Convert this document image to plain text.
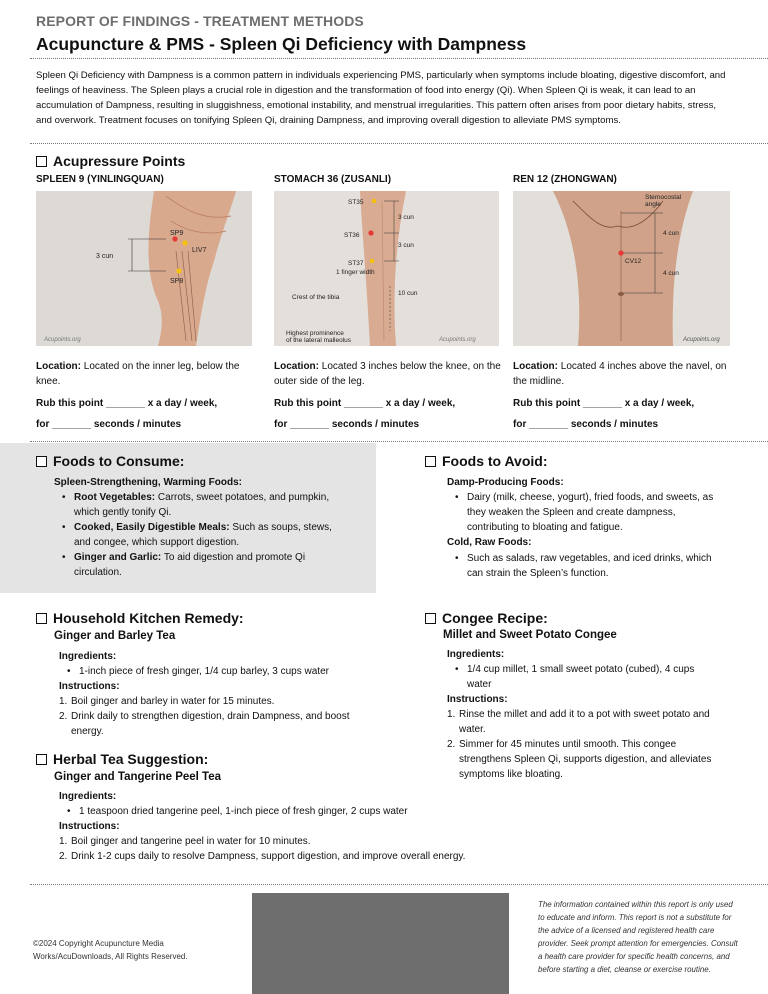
REPORT OF FINDINGS - TREATMENT METHODS
Acupuncture & PMS - Spleen Qi Deficiency with Dampness
Spleen Qi Deficiency with Dampness is a common pattern in individuals experiencing PMS, particularly when symptoms include bloating, digestive discomfort, and feelings of heaviness. The Spleen plays a crucial role in digestion and the transformation of food into energy (Qi). When Spleen Qi is weak, it can lead to an accumulation of Dampness, resulting in sluggishness, emotional instability, and menstrual irregularities. This pattern often arises from poor dietary habits, stress, and overwork. Treatment focuses on tonifying Spleen Qi, draining Dampness, and improving overall digestion to alleviate PMS symptoms.
Acupressure Points
SPLEEN 9 (YINLINGQUAN)
SP9
LIV7
3 cun
SP8
Acupoints.org
Location: Located on the inner leg, below the knee.
Rub this point _______ x a day / week,
for _______ seconds / minutes
STOMACH 36 (ZUSANLI)
ST35
3 cun
ST36
3 cun
ST37
1 finger width
Crest of the tibia
10 cun
Highest prominence
of the lateral malleolus	Acupoints.org
Location: Located 3 inches below the knee, on the outer side of the leg.
Rub this point _______ x a day / week,
for _______ seconds / minutes
REN 12 (ZHONGWAN)
Sternocostal
angle
4 cun
CV12
4 cun
Acupoints.org
Location: Located 4 inches above the navel, on the midline.
Rub this point _______ x a day / week,
for _______ seconds / minutes
Foods to Consume:
Spleen-Strengthening, Warming Foods:
• Root Vegetables: Carrots, sweet potatoes, and pumpkin, which gently tonify Qi.
• Cooked, Easily Digestible Meals: Such as soups, stews, and congee, which support digestion.
• Ginger and Garlic: To aid digestion and promote Qi circulation.
Foods to Avoid:
Damp-Producing Foods:
• Dairy (milk, cheese, yogurt), fried foods, and sweets, as they weaken the Spleen and create dampness, contributing to bloating and fatigue.
Cold, Raw Foods:
• Such as salads, raw vegetables, and iced drinks, which can strain the Spleen’s function.
Household Kitchen Remedy:
Ginger and Barley Tea
Ingredients:
• 1-inch piece of fresh ginger, 1/4 cup barley, 3 cups water
Instructions:
1. Boil ginger and barley in water for 15 minutes.
2. Drink daily to strengthen digestion, drain Dampness, and boost energy.
Herbal Tea Suggestion:
Ginger and Tangerine Peel Tea
Ingredients:
• 1 teaspoon dried tangerine peel, 1-inch piece of fresh ginger, 2 cups water
Instructions:
1. Boil ginger and tangerine peel in water for 10 minutes.
2. Drink 1-2 cups daily to resolve Dampness, support digestion, and improve overall energy.
Congee Recipe:
Millet and Sweet Potato Congee
Ingredients:
• 1/4 cup millet, 1 small sweet potato (cubed), 4 cups water
Instructions:
1. Rinse the millet and add it to a pot with sweet potato and water.
2. Simmer for 45 minutes until smooth. This congee strengthens Spleen Qi, supports digestion, and alleviates symptoms like bloating.
©2024 Copyright Acupuncture Media Works/AcuDownloads, All Rights Reserved.
The information contained within this report is only used to educate and inform. This report is not a substitute for the advice of a licensed and registered health care provider. Seek prompt attention for emergencies. Consult a health care provider for specific health concerns, and before starting a diet, cleanse or exercise routine.
